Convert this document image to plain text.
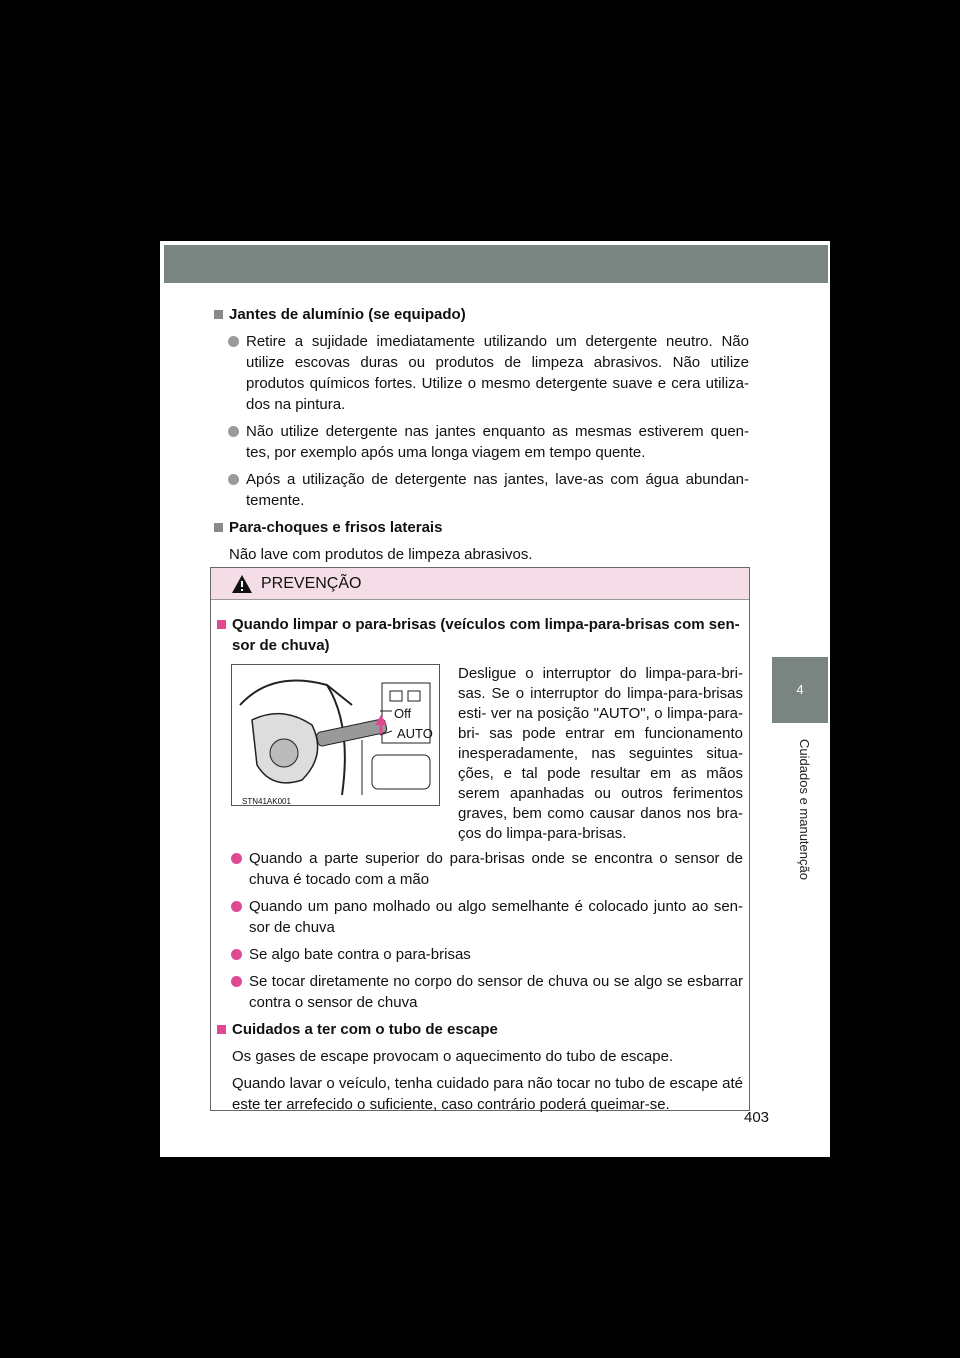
4
Cuidados e manutenção
Jantes de alumínio (se equipado)
Retire a sujidade imediatamente utilizando um detergente neutro. Não utilize escovas duras ou produtos de limpeza abrasivos. Não utilize produtos químicos fortes. Utilize o mesmo detergente suave e cera utiliza- dos na pintura.
Não utilize detergente nas jantes enquanto as mesmas estiverem quen- tes, por exemplo após uma longa viagem em tempo quente.
Após a utilização de detergente nas jantes, lave-as com água abundan- temente.
Para-choques e frisos laterais
Não lave com produtos de limpeza abrasivos.
PREVENÇÃO
Quando limpar o para-brisas (veículos com limpa-para-brisas com sen- sor de chuva)
Off
AUTO
STN41AK001
Desligue o interruptor do limpa-para-bri- sas. Se o interruptor do limpa-para-brisas esti- ver na posição "AUTO", o limpa-para-bri- sas pode entrar em funcionamento inesperadamente, nas seguintes situa- ções, e tal pode resultar em as mãos serem apanhadas ou outros ferimentos graves, bem como causar danos nos bra- ços do limpa-para-brisas.
Quando a parte superior do para-brisas onde se encontra o sensor de chuva é tocado com a mão
Quando um pano molhado ou algo semelhante é colocado junto ao sen- sor de chuva
Se algo bate contra o para-brisas
Se tocar diretamente no corpo do sensor de chuva ou se algo se esbarrar contra o sensor de chuva
Cuidados a ter com o tubo de escape
Os gases de escape provocam o aquecimento do tubo de escape.
Quando lavar o veículo, tenha cuidado para não tocar no tubo de escape até este ter arrefecido o suficiente, caso contrário poderá queimar-se.
403
